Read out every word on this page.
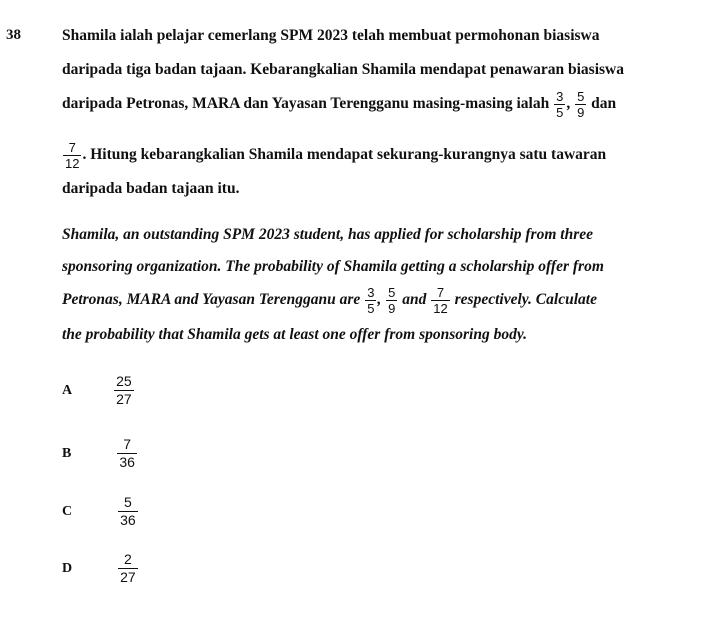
38	Shamila ialah pelajar cemerlang SPM 2023 telah membuat permohonan biasiswa
daripada tiga badan tajaan. Kebarangkalian Shamila mendapat penawaran biasiswa
daripada Petronas, MARA dan Yayasan Terengganu masing-masing ialah $\frac{3}{5}$ , $\frac{5}{9}$ dan
$\frac{7}{12}$ . Hitung kebarangkalian Shamila mendapat sekurang-kurangnya satu tawaran
daripada badan tajaan itu.
Shamila, an outstanding SPM 2023 student, has applied for scholarship from three
sponsoring organization. The probability of Shamila getting a scholarship offer from
Petronas, MARA and Yayasan Terengganu are $\frac{3}{5}$ , $\frac{5}{9}$ and $\frac{7}{12}$ respectively. Calculate
the probability that Shamila gets at least one offer from sponsoring body.
A	$\frac{25}{27}$
B	$\frac{7}{36}$
C	$\frac{5}{36}$
D	$\frac{2}{27}$
